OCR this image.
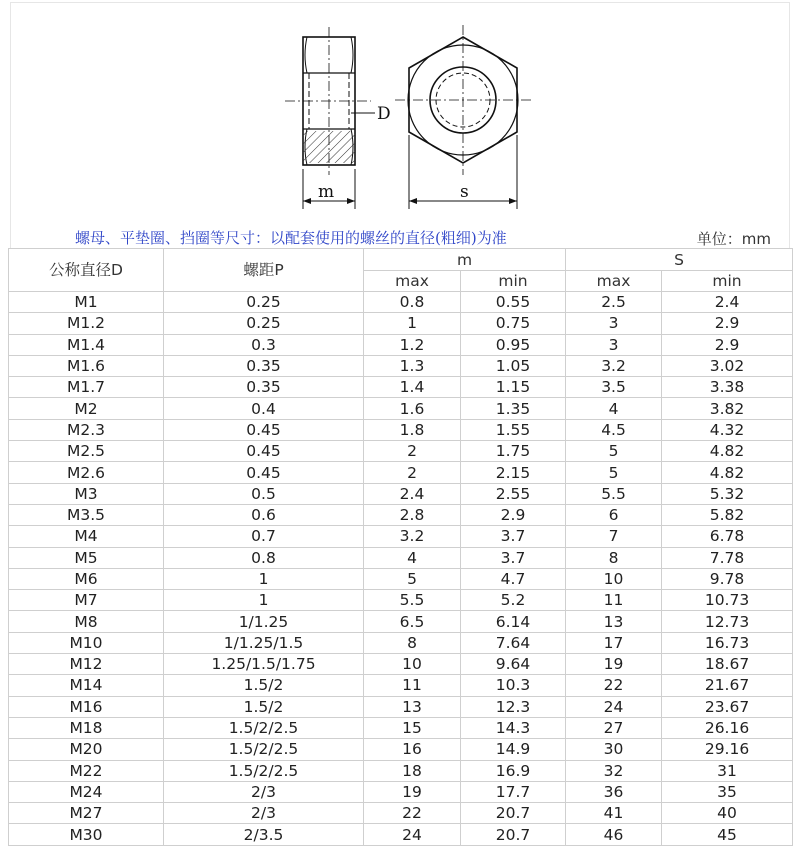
D
m	s
螺母、平垫圈、挡圈等尺寸：以配套使用的螺丝的直径(粗细)为准	单位：mm
公称直径D	螺距P	m		S	
		max	min	max	min
M1	0.25	0.8	0.55	2.5	2.4
M1.2	0.25	1	0.75	3	2.9
M1.4	0.3	1.2	0.95	3	2.9
M1.6	0.35	1.3	1.05	3.2	3.02
M1.7	0.35	1.4	1.15	3.5	3.38
M2	0.4	1.6	1.35	4	3.82
M2.3	0.45	1.8	1.55	4.5	4.32
M2.5	0.45	2	1.75	5	4.82
M2.6	0.45	2	2.15	5	4.82
M3	0.5	2.4	2.55	5.5	5.32
M3.5	0.6	2.8	2.9	6	5.82
M4	0.7	3.2	3.7	7	6.78
M5	0.8	4	3.7	8	7.78
M6	1	5	4.7	10	9.78
M7	1	5.5	5.2	11	10.73
M8	1/1.25	6.5	6.14	13	12.73
M10	1/1.25/1.5	8	7.64	17	16.73
M12	1.25/1.5/1.75	10	9.64	19	18.67
M14	1.5/2	11	10.3	22	21.67
M16	1.5/2	13	12.3	24	23.67
M18	1.5/2/2.5	15	14.3	27	26.16
M20	1.5/2/2.5	16	14.9	30	29.16
M22	1.5/2/2.5	18	16.9	32	31
M24	2/3	19	17.7	36	35
M27	2/3	22	20.7	41	40
M30	2/3.5	24	20.7	46	45
